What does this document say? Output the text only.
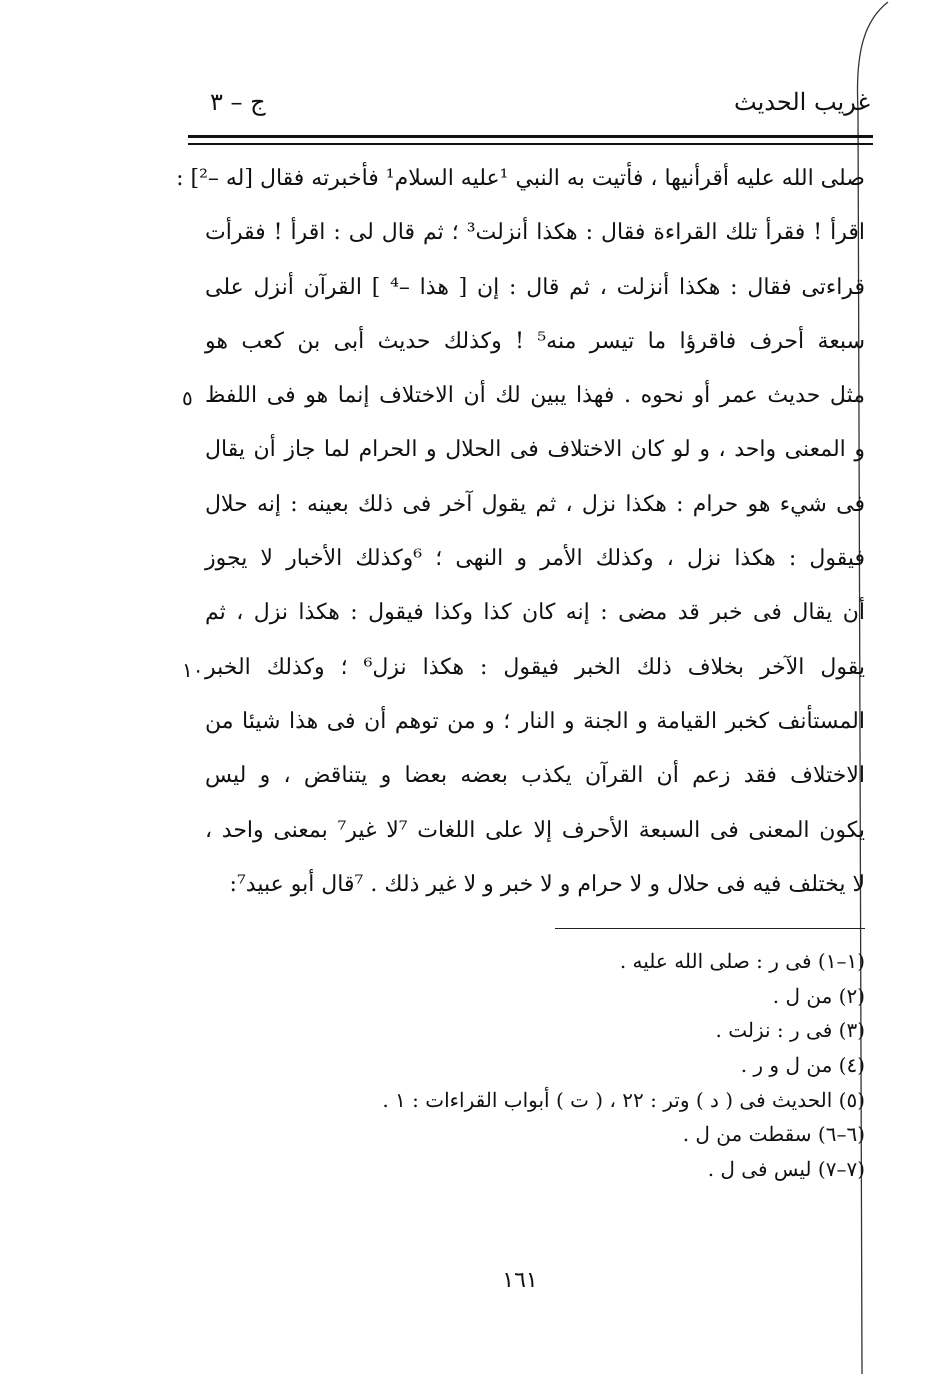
غريب الحديث
ج – ٣
صلى الله عليه أقرأنيها ، فأتيت به النبي ¹عليه السلام¹ فأخبرته فقال [له –²] :
اقرأ ! فقرأ تلك القراءة فقال : هكذا أنزلت³ ؛ ثم قال لى : اقرأ ! فقرأت
قراءتى فقال : هكذا أنزلت ، ثم قال : إن [ هذا –⁴ ] القرآن أنزل على
سبعة أحرف فاقرؤا ما تيسر منه⁵ ! وكذلك حديث أبى بن كعب هو
مثل حديث عمر أو نحوه . فهذا يبين لك أن الاختلاف إنما هو فى اللفظ
و المعنى واحد ، و لو كان الاختلاف فى الحلال و الحرام لما جاز أن يقال
فى شيء هو حرام : هكذا نزل ، ثم يقول آخر فى ذلك بعينه : إنه حلال
فيقول : هكذا نزل ، وكذلك الأمر و النهى ؛ ⁶وكذلك الأخبار لا يجوز
أن يقال فى خبر قد مضى : إنه كان كذا وكذا فيقول : هكذا نزل ، ثم
يقول الآخر بخلاف ذلك الخبر فيقول : هكذا نزل⁶ ؛ وكذلك الخبر
المستأنف كخبر القيامة و الجنة و النار ؛ و من توهم أن فى هذا شيئا من
الاختلاف فقد زعم أن القرآن يكذب بعضه بعضا و يتناقض ، و ليس
يكون المعنى فى السبعة الأحرف إلا على اللغات ⁷لا غير⁷ بمعنى واحد ،
لا يختلف فيه فى حلال و لا حرام و لا خبر و لا غير ذلك . ⁷قال أبو عبيد⁷:
٥
١٠
(١–١) فى ر : صلى الله عليه .
(٢) من ل .
(٣) فى ر : نزلت .
(٤) من ل و ر .
(٥) الحديث فى ( د ) وتر : ٢٢ ، ( ت ) أبواب القراءات : ١ .
(٦–٦) سقطت من ل .
(٧–٧) ليس فى ل .
١٦١
